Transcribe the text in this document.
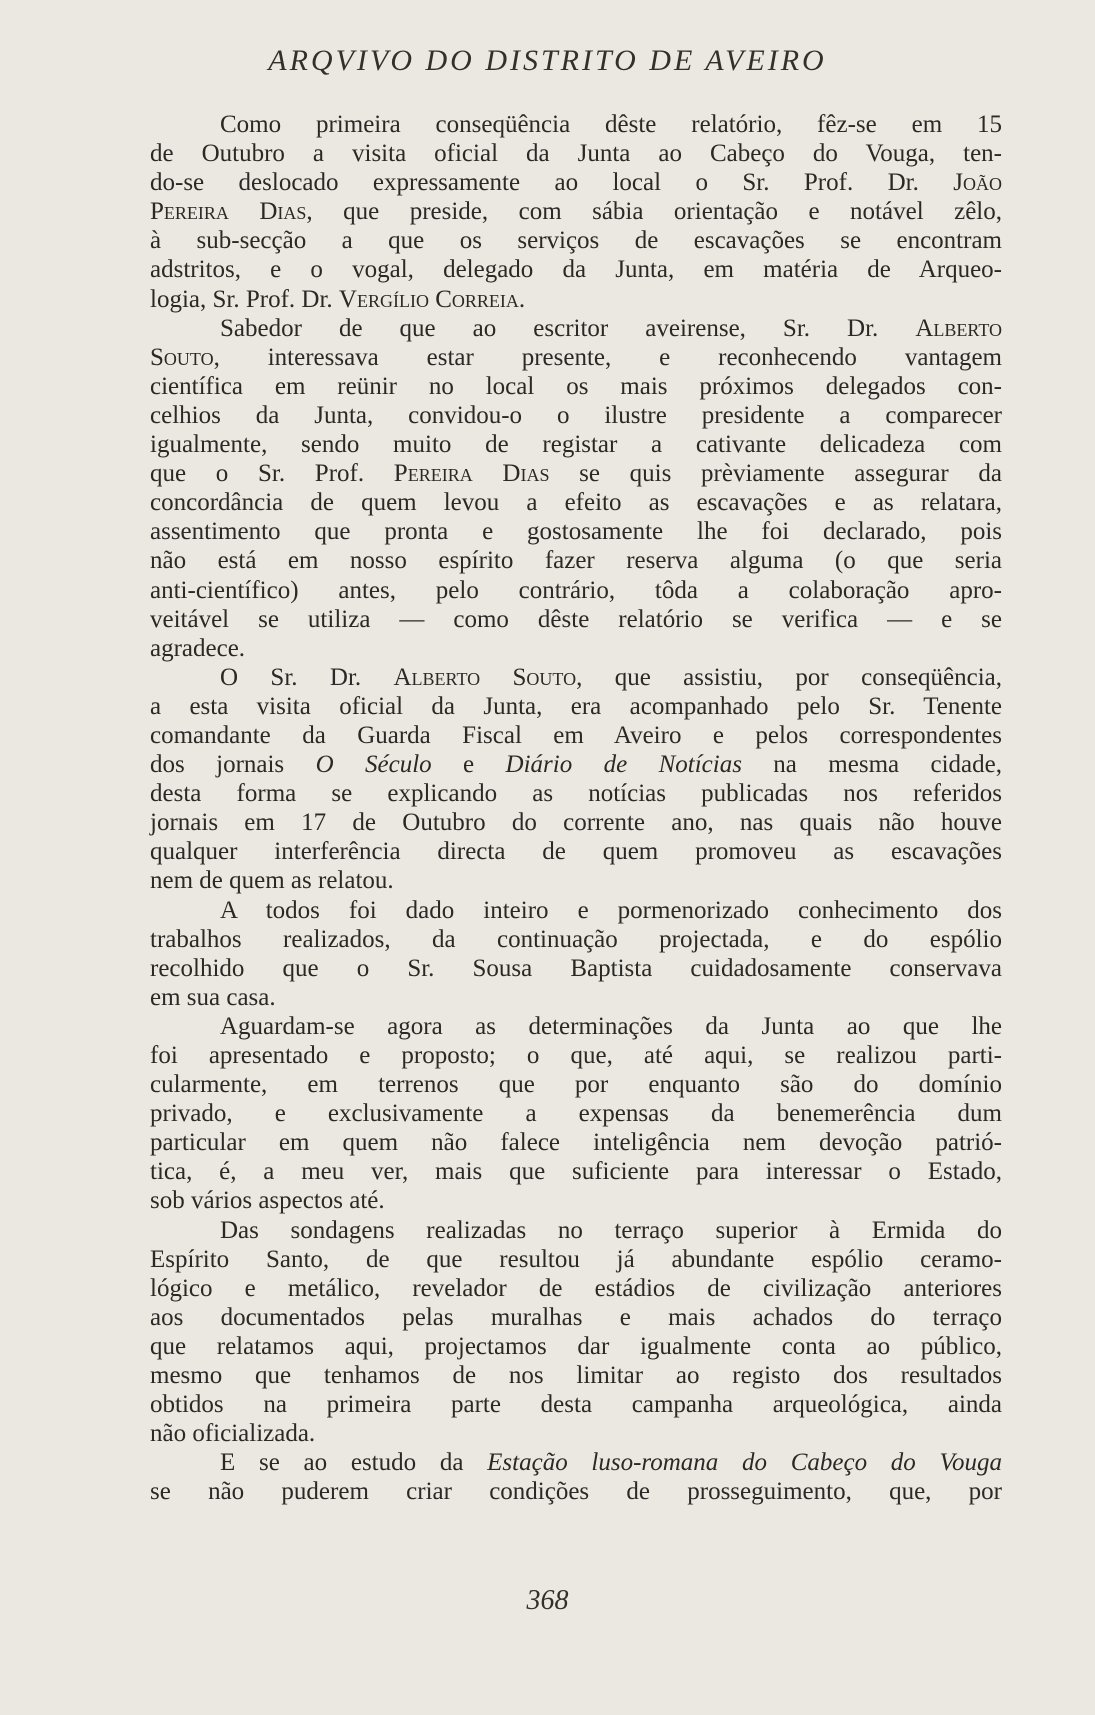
ARQVIVO DO DISTRITO DE AVEIRO
Como primeira conseqüência dêste relatório, fêz-se em 15
de Outubro a visita oficial da Junta ao Cabeço do Vouga, ten-
do-se deslocado expressamente ao local o Sr. Prof. Dr. João
Pereira Dias, que preside, com sábia orientação e notável zêlo,
à sub-secção a que os serviços de escavações se encontram
adstritos, e o vogal, delegado da Junta, em matéria de Arqueo-
logia, Sr. Prof. Dr. Vergílio Correia.
Sabedor de que ao escritor aveirense, Sr. Dr. Alberto
Souto, interessava estar presente, e reconhecendo vantagem
científica em reünir no local os mais próximos delegados con-
celhios da Junta, convidou-o o ilustre presidente a comparecer
igualmente, sendo muito de registar a cativante delicadeza com
que o Sr. Prof. Pereira Dias se quis prèviamente assegurar da
concordância de quem levou a efeito as escavações e as relatara,
assentimento que pronta e gostosamente lhe foi declarado, pois
não está em nosso espírito fazer reserva alguma (o que seria
anti-científico) antes, pelo contrário, tôda a colaboração apro-
veitável se utiliza — como dêste relatório se verifica — e se
agradece.
O Sr. Dr. Alberto Souto, que assistiu, por conseqüência,
a esta visita oficial da Junta, era acompanhado pelo Sr. Tenente
comandante da Guarda Fiscal em Aveiro e pelos correspondentes
dos jornais O Século e Diário de Notícias na mesma cidade,
desta forma se explicando as notícias publicadas nos referidos
jornais em 17 de Outubro do corrente ano, nas quais não houve
qualquer interferência directa de quem promoveu as escavações
nem de quem as relatou.
A todos foi dado inteiro e pormenorizado conhecimento dos
trabalhos realizados, da continuação projectada, e do espólio
recolhido que o Sr. Sousa Baptista cuidadosamente conservava
em sua casa.
Aguardam-se agora as determinações da Junta ao que lhe
foi apresentado e proposto; o que, até aqui, se realizou parti-
cularmente, em terrenos que por enquanto são do domínio
privado, e exclusivamente a expensas da benemerência dum
particular em quem não falece inteligência nem devoção patrió-
tica, é, a meu ver, mais que suficiente para interessar o Estado,
sob vários aspectos até.
Das sondagens realizadas no terraço superior à Ermida do
Espírito Santo, de que resultou já abundante espólio ceramo-
lógico e metálico, revelador de estádios de civilização anteriores
aos documentados pelas muralhas e mais achados do terraço
que relatamos aqui, projectamos dar igualmente conta ao público,
mesmo que tenhamos de nos limitar ao registo dos resultados
obtidos na primeira parte desta campanha arqueológica, ainda
não oficializada.
E se ao estudo da Estação luso-romana do Cabeço do Vouga
se não puderem criar condições de prosseguimento, que, por
368
